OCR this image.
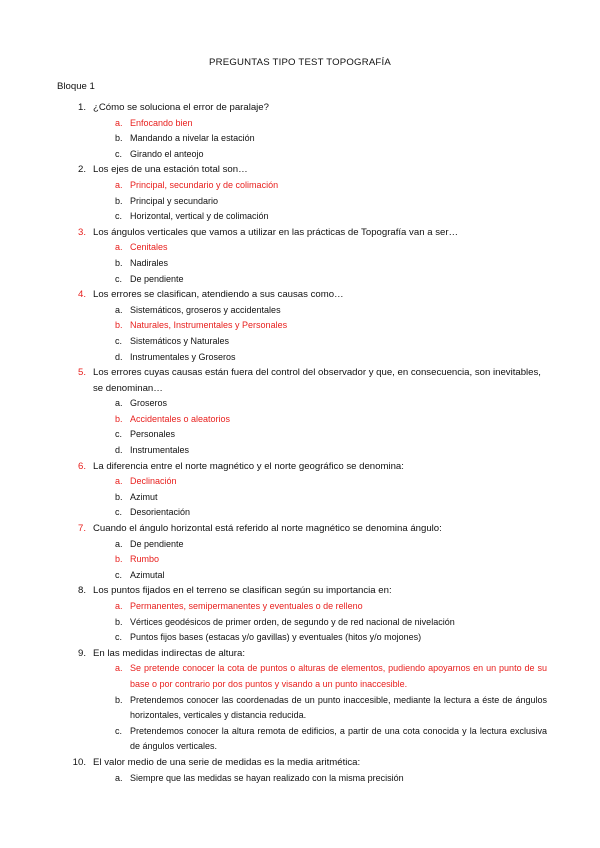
PREGUNTAS TIPO TEST TOPOGRAFÍA
Bloque 1
1. ¿Cómo se soluciona el error de paralaje?
a. Enfocando bien
b. Mandando a nivelar la estación
c. Girando el anteojo
2. Los ejes de una estación total son…
a. Principal, secundario y de colimación
b. Principal y secundario
c. Horizontal, vertical y de colimación
3. Los ángulos verticales que vamos a utilizar en las prácticas de Topografía van a ser…
a. Cenitales
b. Nadirales
c. De pendiente
4. Los errores se clasifican, atendiendo a sus causas como…
a. Sistemáticos, groseros y accidentales
b. Naturales, Instrumentales y Personales
c. Sistemáticos y Naturales
d. Instrumentales y Groseros
5. Los errores cuyas causas están fuera del control del observador y que, en consecuencia, son inevitables, se denominan…
a. Groseros
b. Accidentales o aleatorios
c. Personales
d. Instrumentales
6. La diferencia entre el norte magnético y el norte geográfico se denomina:
a. Declinación
b. Azimut
c. Desorientación
7. Cuando el ángulo horizontal está referido al norte magnético se denomina ángulo:
a. De pendiente
b. Rumbo
c. Azimutal
8. Los puntos fijados en el terreno se clasifican según su importancia en:
a. Permanentes, semipermanentes y eventuales o de relleno
b. Vértices geodésicos de primer orden, de segundo y de red nacional de nivelación
c. Puntos fijos bases (estacas y/o gavillas) y eventuales (hitos y/o mojones)
9. En las medidas indirectas de altura:
a. Se pretende conocer la cota de puntos o alturas de elementos, pudiendo apoyarnos en un punto de su base o por contrario por dos puntos y visando a un punto inaccesible.
b. Pretendemos conocer las coordenadas de un punto inaccesible, mediante la lectura a éste de ángulos horizontales, verticales y distancia reducida.
c. Pretendemos conocer la altura remota de edificios, a partir de una cota conocida y la lectura exclusiva de ángulos verticales.
10. El valor medio de una serie de medidas es la media aritmética:
a. Siempre que las medidas se hayan realizado con la misma precisión
